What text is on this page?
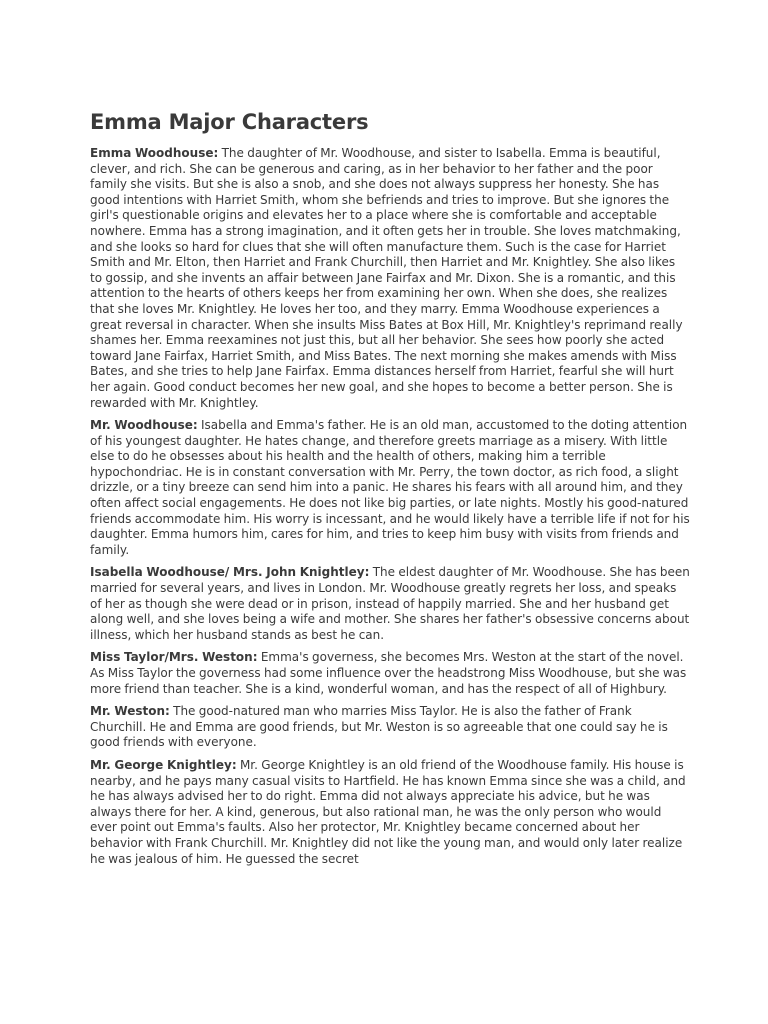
Emma Major Characters

Emma Woodhouse: The daughter of Mr. Woodhouse, and sister to Isabella. Emma is beautiful, clever, and rich. She can be generous and caring, as in her behavior to her father and the poor family she visits. But she is also a snob, and she does not always suppress her honesty. She has good intentions with Harriet Smith, whom she befriends and tries to improve. But she ignores the girl's questionable origins and elevates her to a place where she is comfortable and acceptable nowhere. Emma has a strong imagination, and it often gets her in trouble. She loves matchmaking, and she looks so hard for clues that she will often manufacture them. Such is the case for Harriet Smith and Mr. Elton, then Harriet and Frank Churchill, then Harriet and Mr. Knightley. She also likes to gossip, and she invents an affair between Jane Fairfax and Mr. Dixon. She is a romantic, and this attention to the hearts of others keeps her from examining her own. When she does, she realizes that she loves Mr. Knightley. He loves her too, and they marry. Emma Woodhouse experiences a great reversal in character. When she insults Miss Bates at Box Hill, Mr. Knightley's reprimand really shames her. Emma reexamines not just this, but all her behavior. She sees how poorly she acted toward Jane Fairfax, Harriet Smith, and Miss Bates. The next morning she makes amends with Miss Bates, and she tries to help Jane Fairfax. Emma distances herself from Harriet, fearful she will hurt her again. Good conduct becomes her new goal, and she hopes to become a better person. She is rewarded with Mr. Knightley.

Mr. Woodhouse: Isabella and Emma's father. He is an old man, accustomed to the doting attention of his youngest daughter. He hates change, and therefore greets marriage as a misery. With little else to do he obsesses about his health and the health of others, making him a terrible hypochondriac. He is in constant conversation with Mr. Perry, the town doctor, as rich food, a slight drizzle, or a tiny breeze can send him into a panic. He shares his fears with all around him, and they often affect social engagements. He does not like big parties, or late nights. Mostly his good-natured friends accommodate him. His worry is incessant, and he would likely have a terrible life if not for his daughter. Emma humors him, cares for him, and tries to keep him busy with visits from friends and family.

Isabella Woodhouse/ Mrs. John Knightley: The eldest daughter of Mr. Woodhouse. She has been married for several years, and lives in London. Mr. Woodhouse greatly regrets her loss, and speaks of her as though she were dead or in prison, instead of happily married. She and her husband get along well, and she loves being a wife and mother. She shares her father's obsessive concerns about illness, which her husband stands as best he can.

Miss Taylor/Mrs. Weston: Emma's governess, she becomes Mrs. Weston at the start of the novel. As Miss Taylor the governess had some influence over the headstrong Miss Woodhouse, but she was more friend than teacher. She is a kind, wonderful woman, and has the respect of all of Highbury.

Mr. Weston: The good-natured man who marries Miss Taylor. He is also the father of Frank Churchill. He and Emma are good friends, but Mr. Weston is so agreeable that one could say he is good friends with everyone.

Mr. George Knightley: Mr. George Knightley is an old friend of the Woodhouse family. His house is nearby, and he pays many casual visits to Hartfield. He has known Emma since she was a child, and he has always advised her to do right. Emma did not always appreciate his advice, but he was always there for her. A kind, generous, but also rational man, he was the only person who would ever point out Emma's faults. Also her protector, Mr. Knightley became concerned about her behavior with Frank Churchill. Mr. Knightley did not like the young man, and would only later realize he was jealous of him. He guessed the secret
